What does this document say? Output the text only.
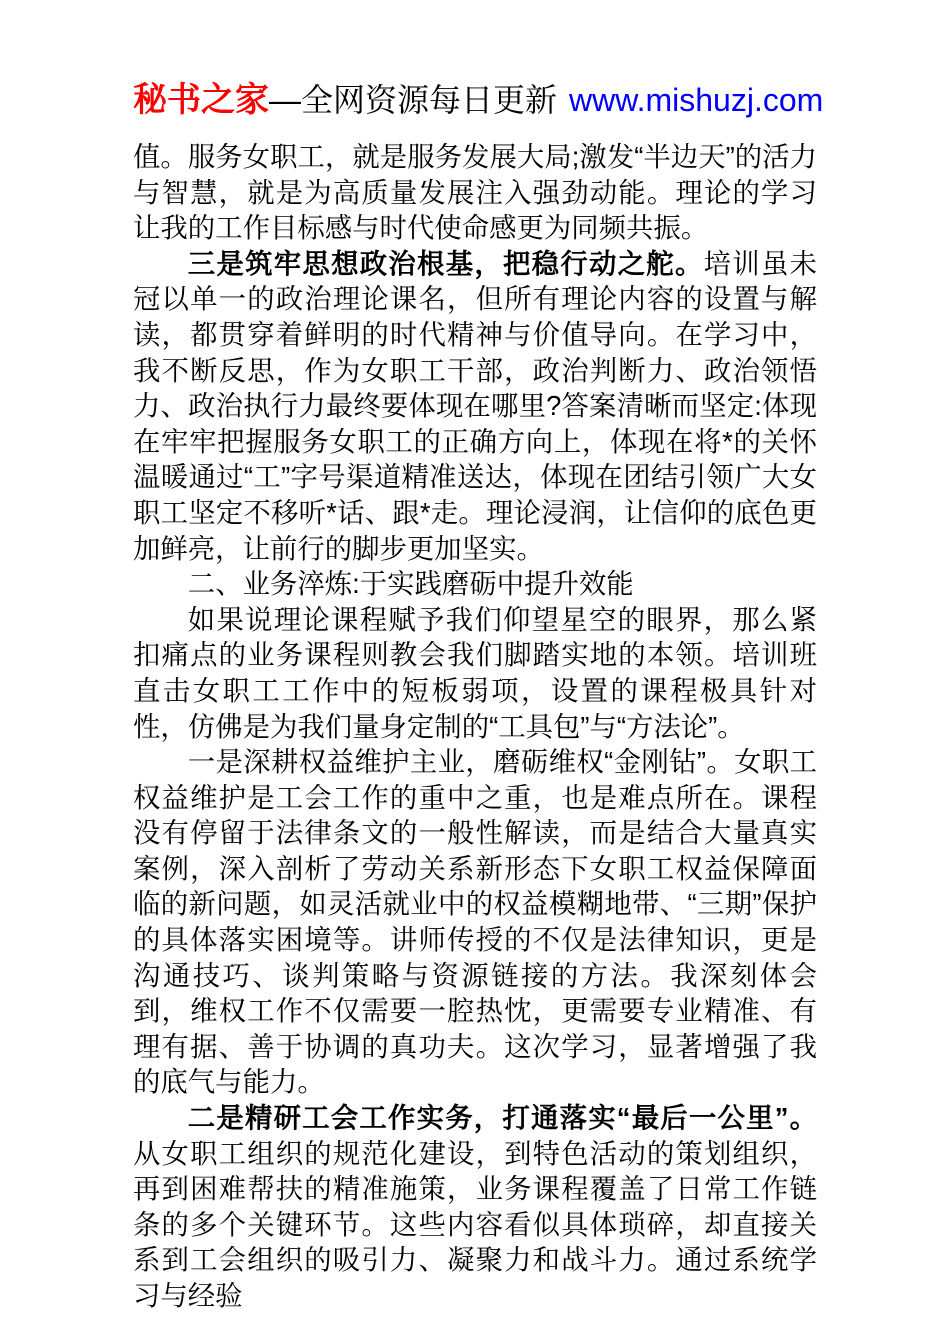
秘书之家—全网资源每日更新 www.mishuzj.com

值。服务女职工，就是服务发展大局;激发“半边天”的活力与智慧，就是为高质量发展注入强劲动能。理论的学习让我的工作目标感与时代使命感更为同频共振。

三是筑牢思想政治根基，把稳行动之舵。培训虽未冠以单一的政治理论课名，但所有理论内容的设置与解读，都贯穿着鲜明的时代精神与价值导向。在学习中，我不断反思，作为女职工干部，政治判断力、政治领悟力、政治执行力最终要体现在哪里?答案清晰而坚定:体现在牢牢把握服务女职工的正确方向上，体现在将*的关怀温暖通过“工”字号渠道精准送达，体现在团结引领广大女职工坚定不移听*话、跟*走。理论浸润，让信仰的底色更加鲜亮，让前行的脚步更加坚实。

二、业务淬炼:于实践磨砺中提升效能

如果说理论课程赋予我们仰望星空的眼界，那么紧扣痛点的业务课程则教会我们脚踏实地的本领。培训班直击女职工工作中的短板弱项，设置的课程极具针对性，仿佛是为我们量身定制的“工具包”与“方法论”。

一是深耕权益维护主业，磨砺维权“金刚钻”。女职工权益维护是工会工作的重中之重，也是难点所在。课程没有停留于法律条文的一般性解读，而是结合大量真实案例，深入剖析了劳动关系新形态下女职工权益保障面临的新问题，如灵活就业中的权益模糊地带、“三期”保护的具体落实困境等。讲师传授的不仅是法律知识，更是沟通技巧、谈判策略与资源链接的方法。我深刻体会到，维权工作不仅需要一腔热忱，更需要专业精准、有理有据、善于协调的真功夫。这次学习，显著增强了我的底气与能力。

二是精研工会工作实务，打通落实“最后一公里”。从女职工组织的规范化建设，到特色活动的策划组织，再到困难帮扶的精准施策，业务课程覆盖了日常工作链条的多个关键环节。这些内容看似具体琐碎，却直接关系到工会组织的吸引力、凝聚力和战斗力。通过系统学习与经验
